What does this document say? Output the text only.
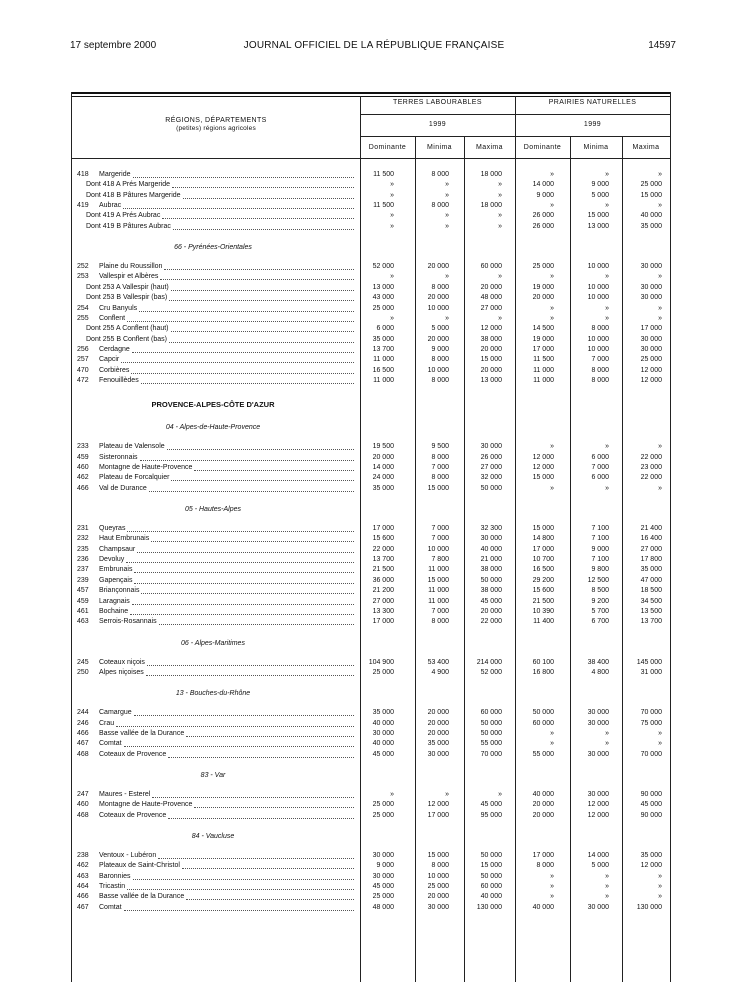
17 septembre 2000	JOURNAL OFFICIEL DE LA RÉPUBLIQUE FRANÇAISE	14597
RÉGIONS, DÉPARTEMENTS
(petites) régions agricoles
TERRES LABOURABLES	PRAIRIES NATURELLES
1999	1999
Dominante	Minima	Maxima	Dominante	Minima	Maxima
418	Margeride	11 500	8 000	18 000	»	»	»
Dont 418 A Prés Margeride	»	»	»	14 000	9 000	25 000
Dont 418 B Pâtures Margeride	»	»	»	9 000	5 000	15 000
419	Aubrac	11 500	8 000	18 000	»	»	»
Dont 419 A Prés Aubrac	»	»	»	26 000	15 000	40 000
Dont 419 B Pâtures Aubrac	»	»	»	26 000	13 000	35 000
66 - Pyrénées-Orientales
252	Plaine du Roussillon	52 000	20 000	60 000	25 000	10 000	30 000
253	Vallespir et Albères	»	»	»	»	»	»
Dont 253 A Vallespir (haut)	13 000	8 000	20 000	19 000	10 000	30 000
Dont 253 B Vallespir (bas)	43 000	20 000	48 000	20 000	10 000	30 000
254	Cru Banyuls	25 000	10 000	27 000	»	»	»
255	Conflent	»	»	»	»	»	»
Dont 255 A Conflent (haut)	6 000	5 000	12 000	14 500	8 000	17 000
Dont 255 B Conflent (bas)	35 000	20 000	38 000	19 000	10 000	30 000
256	Cerdagne	13 700	9 000	20 000	17 000	10 000	30 000
257	Capcir	11 000	8 000	15 000	11 500	7 000	25 000
470	Corbières	16 500	10 000	20 000	11 000	8 000	12 000
472	Fenouillèdes	11 000	8 000	13 000	11 000	8 000	12 000
PROVENCE-ALPES-CÔTE D'AZUR
04 - Alpes-de-Haute-Provence
233	Plateau de Valensole	19 500	9 500	30 000	»	»	»
459	Sisteronnais	20 000	8 000	26 000	12 000	6 000	22 000
460	Montagne de Haute-Provence	14 000	7 000	27 000	12 000	7 000	23 000
462	Plateau de Forcalquier	24 000	8 000	32 000	15 000	6 000	22 000
466	Val de Durance	35 000	15 000	50 000	»	»	»
05 - Hautes-Alpes
231	Queyras	17 000	7 000	32 300	15 000	7 100	21 400
232	Haut Embrunais	15 600	7 000	30 000	14 800	7 100	16 400
235	Champsaur	22 000	10 000	40 000	17 000	9 000	27 000
236	Devoluy	13 700	7 800	21 000	10 700	7 100	17 800
237	Embrunais	21 500	11 000	38 000	16 500	9 800	35 000
239	Gapençais	36 000	15 000	50 000	29 200	12 500	47 000
457	Briançonnais	21 200	11 000	38 000	15 600	8 500	18 500
459	Laragnais	27 000	11 000	45 000	21 500	9 200	34 500
461	Bochaine	13 300	7 000	20 000	10 390	5 700	13 500
463	Serrois-Rosannais	17 000	8 000	22 000	11 400	6 700	13 700
06 - Alpes-Maritimes
245	Coteaux niçois	104 900	53 400	214 000	60 100	38 400	145 000
250	Alpes niçoises	25 000	4 900	52 000	16 800	4 800	31 000
13 - Bouches-du-Rhône
244	Camargue	35 000	20 000	60 000	50 000	30 000	70 000
246	Crau	40 000	20 000	50 000	60 000	30 000	75 000
466	Basse vallée de la Durance	30 000	20 000	50 000	»	»	»
467	Comtat	40 000	35 000	55 000	»	»	»
468	Coteaux de Provence	45 000	30 000	70 000	55 000	30 000	70 000
83 - Var
247	Maures - Esterel	»	»	»	40 000	30 000	90 000
460	Montagne de Haute-Provence	25 000	12 000	45 000	20 000	12 000	45 000
468	Coteaux de Provence	25 000	17 000	95 000	20 000	12 000	90 000
84 - Vaucluse
238	Ventoux - Lubéron	30 000	15 000	50 000	17 000	14 000	35 000
462	Plateaux de Saint-Christol	9 000	8 000	15 000	8 000	5 000	12 000
463	Baronnies	30 000	10 000	50 000	»	»	»
464	Tricastin	45 000	25 000	60 000	»	»	»
466	Basse vallée de la Durance	25 000	20 000	40 000	»	»	»
467	Comtat	48 000	30 000	130 000	40 000	30 000	130 000
